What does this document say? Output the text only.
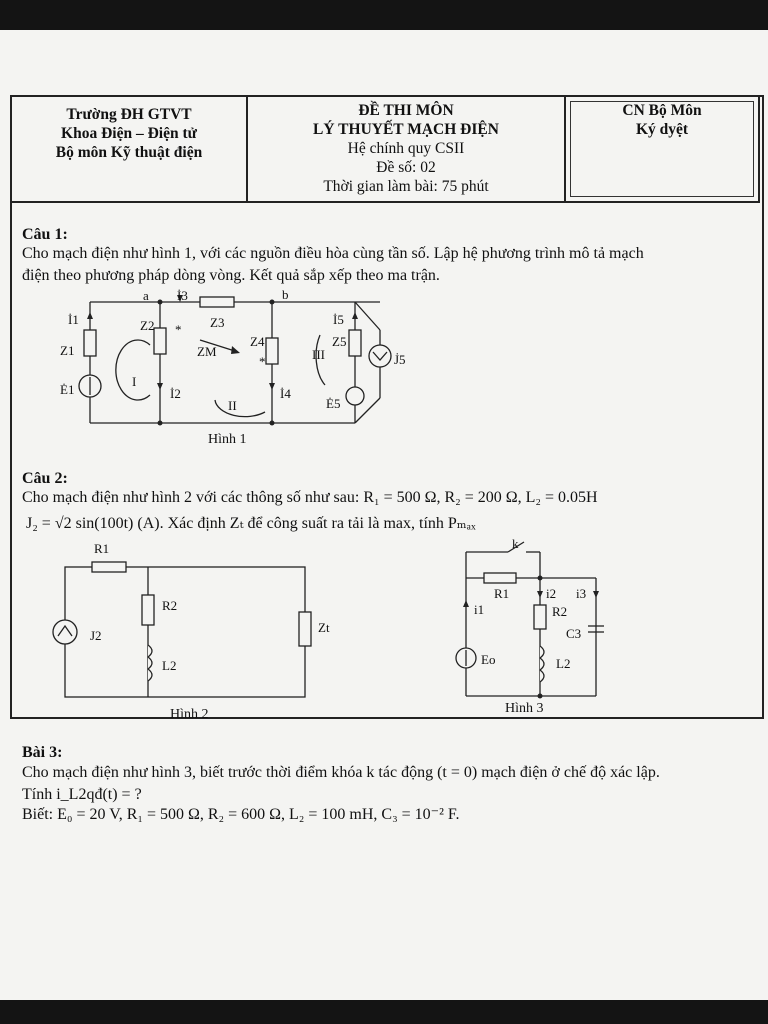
Trường ĐH GTVT
Khoa Điện – Điện tử
Bộ môn Kỹ thuật điện
ĐỀ THI MÔN
LÝ THUYẾT MẠCH ĐIỆN
Hệ chính quy CSII
Đề số: 02
Thời gian làm bài: 75 phút
CN Bộ Môn
Ký dyệt
Câu 1:
Cho mạch điện như hình 1, với các nguồn điều hòa cùng tần số. Lập hệ phương trình mô tả mạch
điện theo phương pháp dòng vòng. Kết quả sắp xếp theo ma trận.
a	b
İ3
İ1	Z2 * Z3	İ5
Z1	ZM
Z4
*
Z5
III	J̇5
Ė1
I
İ2
II
İ4
Ė5
Hình 1
R1
R2
J2
L2
Zt
Hình 2
k
R1	i2 i3
i1	R2
C3
Eo	L2
Hình 3
Câu 2:
Cho mạch điện như hình 2 với các thông số như sau: R₁ = 500 Ω, R₂ = 200 Ω, L₂ = 0.05H
J₂ = √2 sin(100t) (A). Xác định Zₜ để công suất ra tải là max, tính Pₘₐₓ
Bài 3:
Cho mạch điện như hình 3, biết trước thời điểm khóa k tác động (t = 0) mạch điện ở chế độ xác lập.
Tính i_L2qđ(t) = ?
Biết: E₀ = 20 V, R₁ = 500 Ω, R₂ = 600 Ω, L₂ = 100 mH, C₃ = 10⁻² F.
